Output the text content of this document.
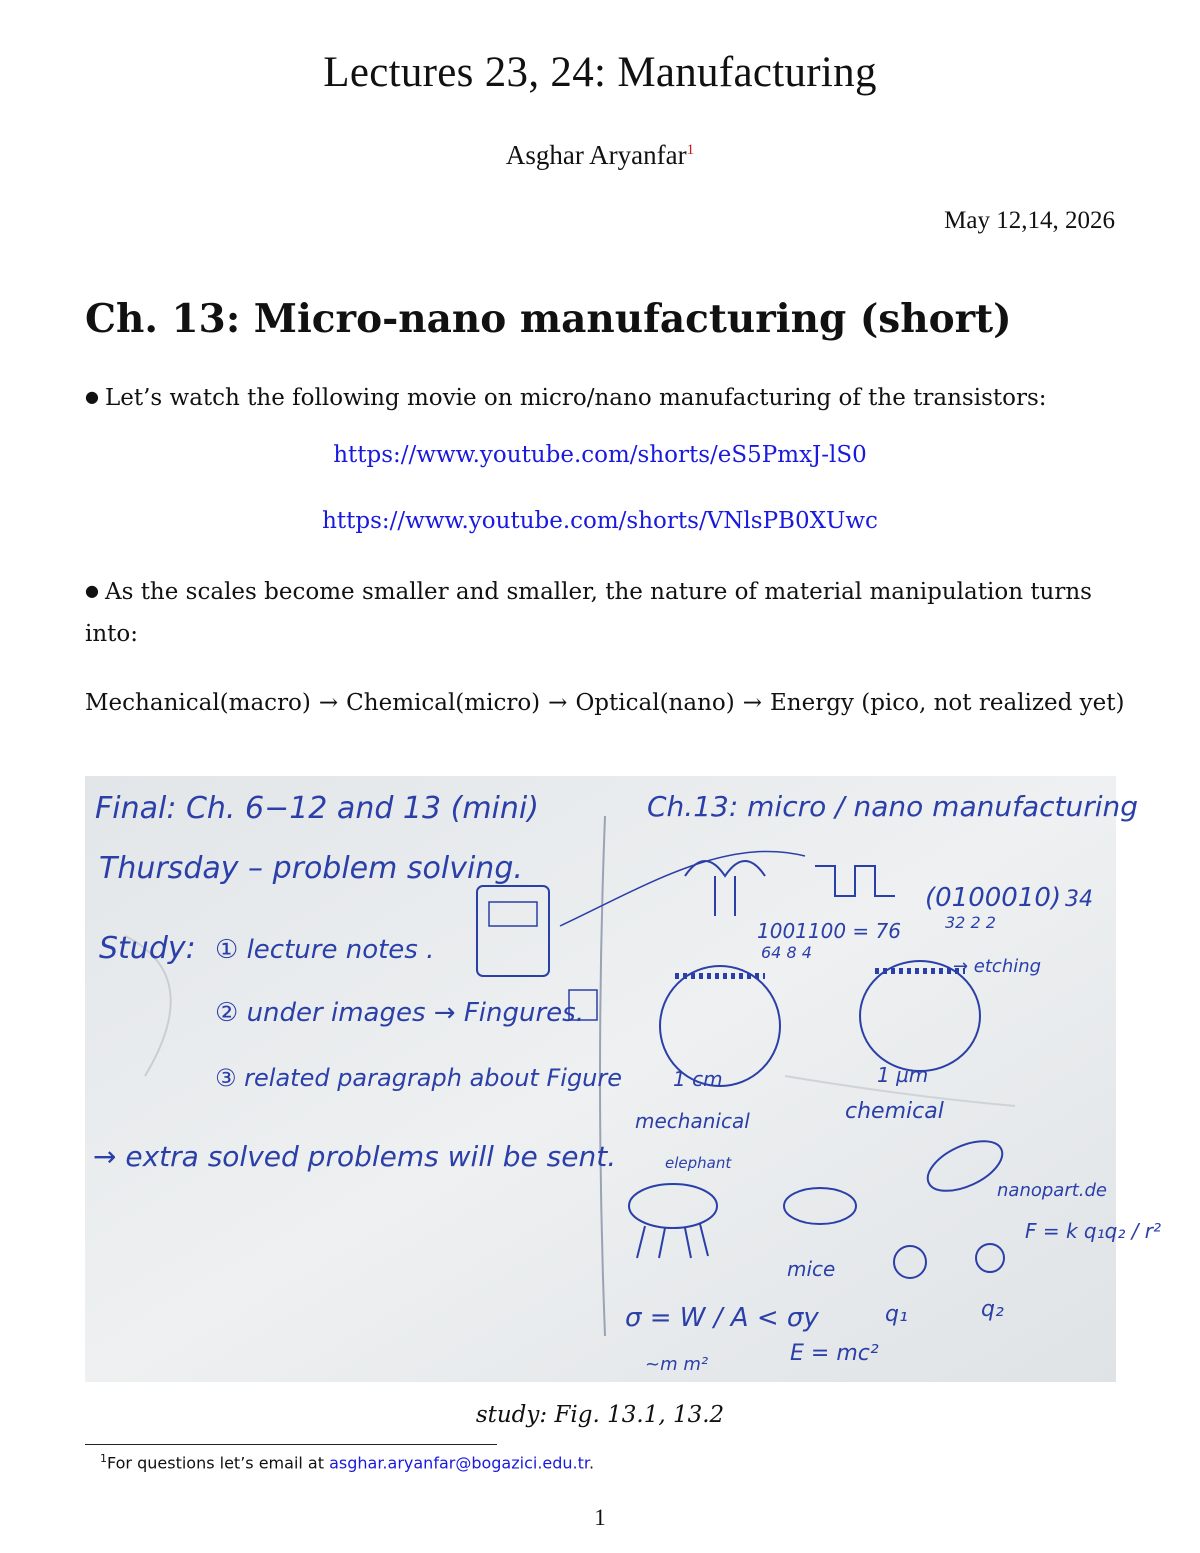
Lectures 23, 24: Manufacturing
Asghar Aryanfar$^1$
May 12,14, 2026
Ch. 13: Micro-nano manufacturing (short)
● Let’s watch the following movie on micro/nano manufacturing of the transistors:
https://www.youtube.com/shorts/eS5PmxJ-lS0
https://www.youtube.com/shorts/VNlsPB0XUwc
● As the scales become smaller and smaller, the nature of material manipulation turns into:
Mechanical(macro) → Chemical(micro) → Optical(nano) → Energy (pico, not realized yet)
Final: Ch. 6−12 and 13 (mini)
Thursday – problem solving.
Study: ① lecture notes .
② under images → Fingures.
③ related paragraph about Figure
→ extra solved problems will be sent.
Ch.13: micro / nano manufacturing
(0100010) 34
1001100 = 76
64 8 4
32 2 2
→ etching
1 cm	1 µm
mechanical	chemical
elephant
mice
nanopart.de
F = k q₁q₂ / r²
q₁	q₂
σ = W / A < σy
~m m²	E = mc²
study: Fig. 13.1, 13.2
$^1$For questions let’s email at asghar.aryanfar@bogazici.edu.tr.
1
